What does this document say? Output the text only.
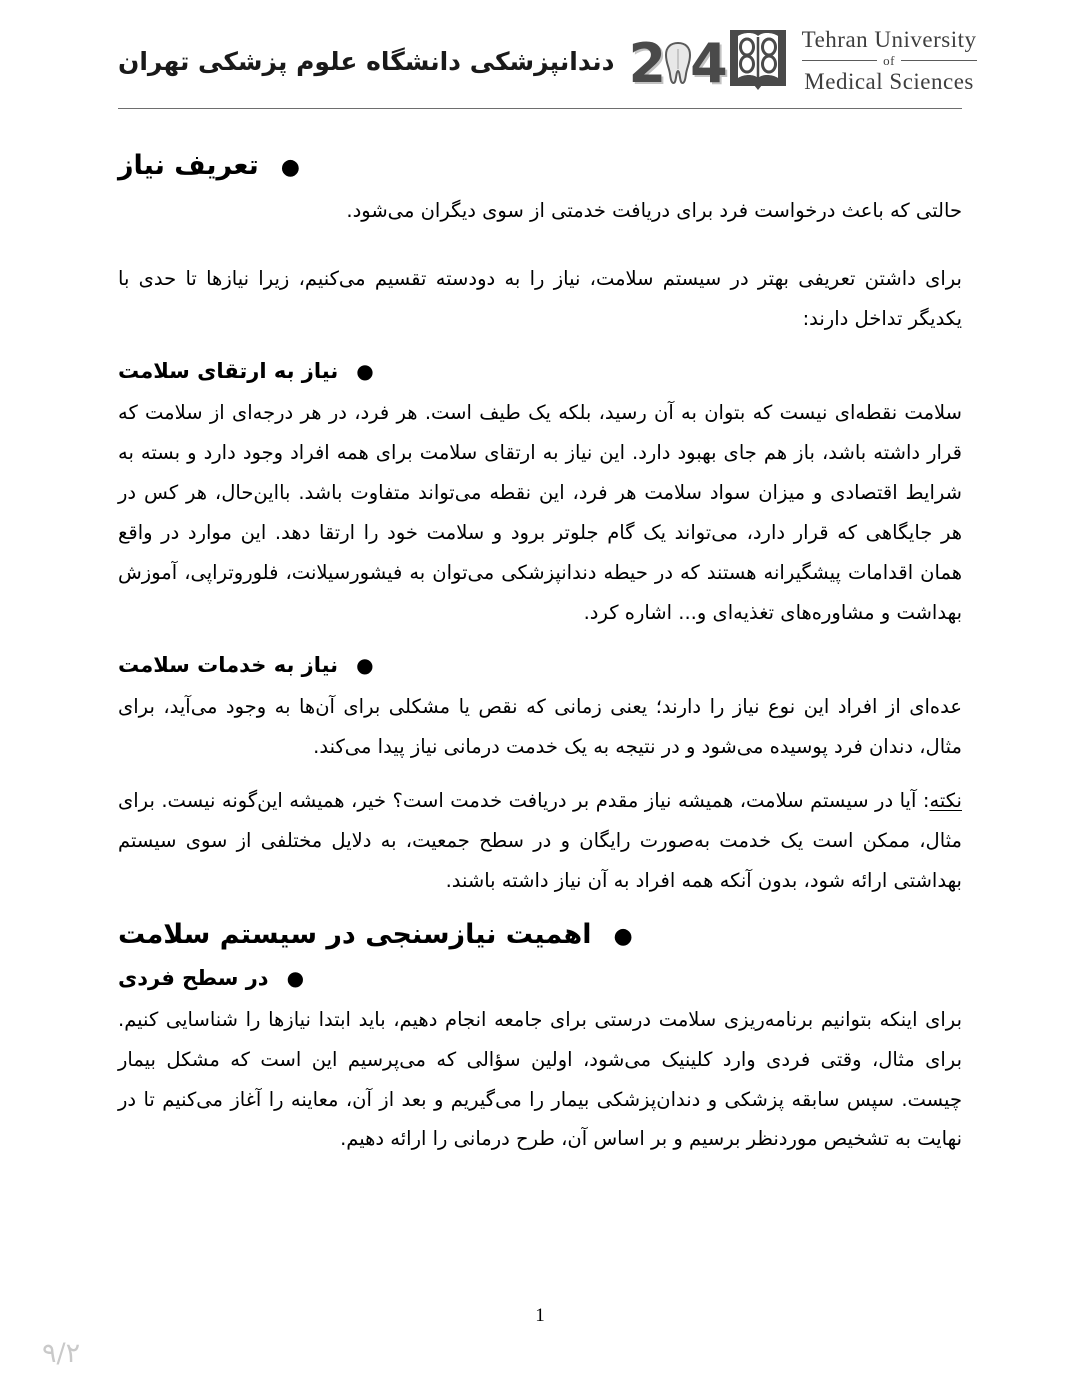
دندانپزشکی دانشگاه علوم پزشکی تهران 4
2	Tehran University
of
Medical Sciences
●
تعریف نیاز

حالتی که باعث درخواست فرد برای دریافت خدمتی از سوی دیگران می‌شود.

برای داشتن تعریفی بهتر در سیستم سلامت، نیاز را به دودسته تقسیم می‌کنیم، زیرا نیازها تا حدی با یکدیگر تداخل دارند:

●
نیاز به ارتقای سلامت

سلامت نقطه‌ای نیست که بتوان به آن رسید، بلکه یک طیف است. هر فرد، در هر درجه‌ای از سلامت که قرار داشته باشد، باز هم جای بهبود دارد. این نیاز به ارتقای سلامت برای همه افراد وجود دارد و بسته به شرایط اقتصادی و میزان سواد سلامت هر فرد، این نقطه می‌تواند متفاوت باشد. بااین‌حال، هر کس در هر جایگاهی که قرار دارد، می‌تواند یک گام جلوتر برود و سلامت خود را ارتقا دهد. این موارد در واقع همان اقدامات پیشگیرانه هستند که در حیطه دندانپزشکی می‌توان به فیشورسیلانت، فلوروتراپی، آموزش بهداشت و مشاوره‌های تغذیه‌ای و... اشاره کرد.

●
نیاز به خدمات سلامت

عده‌ای از افراد این نوع نیاز را دارند؛ یعنی زمانی که نقص یا مشکلی برای آن‌ها به وجود می‌آید، برای مثال، دندان فرد پوسیده می‌شود و در نتیجه به یک خدمت درمانی نیاز پیدا می‌کند.

نکته: آیا در سیستم سلامت، همیشه نیاز مقدم بر دریافت خدمت است؟ خیر، همیشه این‌گونه نیست. برای مثال، ممکن است یک خدمت به‌صورت رایگان و در سطح جمعیت، به دلایل مختلفی از سوی سیستم بهداشتی ارائه شود، بدون آنکه همه افراد به آن نیاز داشته باشند.

●
اهمیت نیازسنجی در سیستم سلامت
●
در سطح فردی

برای اینکه بتوانیم برنامه‌ریزی سلامت درستی برای جامعه انجام دهیم، باید ابتدا نیازها را شناسایی کنیم. برای مثال، وقتی فردی وارد کلینیک می‌شود، اولین سؤالی که می‌پرسیم این است که مشکل بیمار چیست. سپس سابقه پزشکی و دندان‌پزشکی بیمار را می‌گیریم و بعد از آن، معاینه را آغاز می‌کنیم تا در نهایت به تشخیص موردنظر برسیم و بر اساس آن، طرح درمانی را ارائه دهیم.

1
۹/۲
